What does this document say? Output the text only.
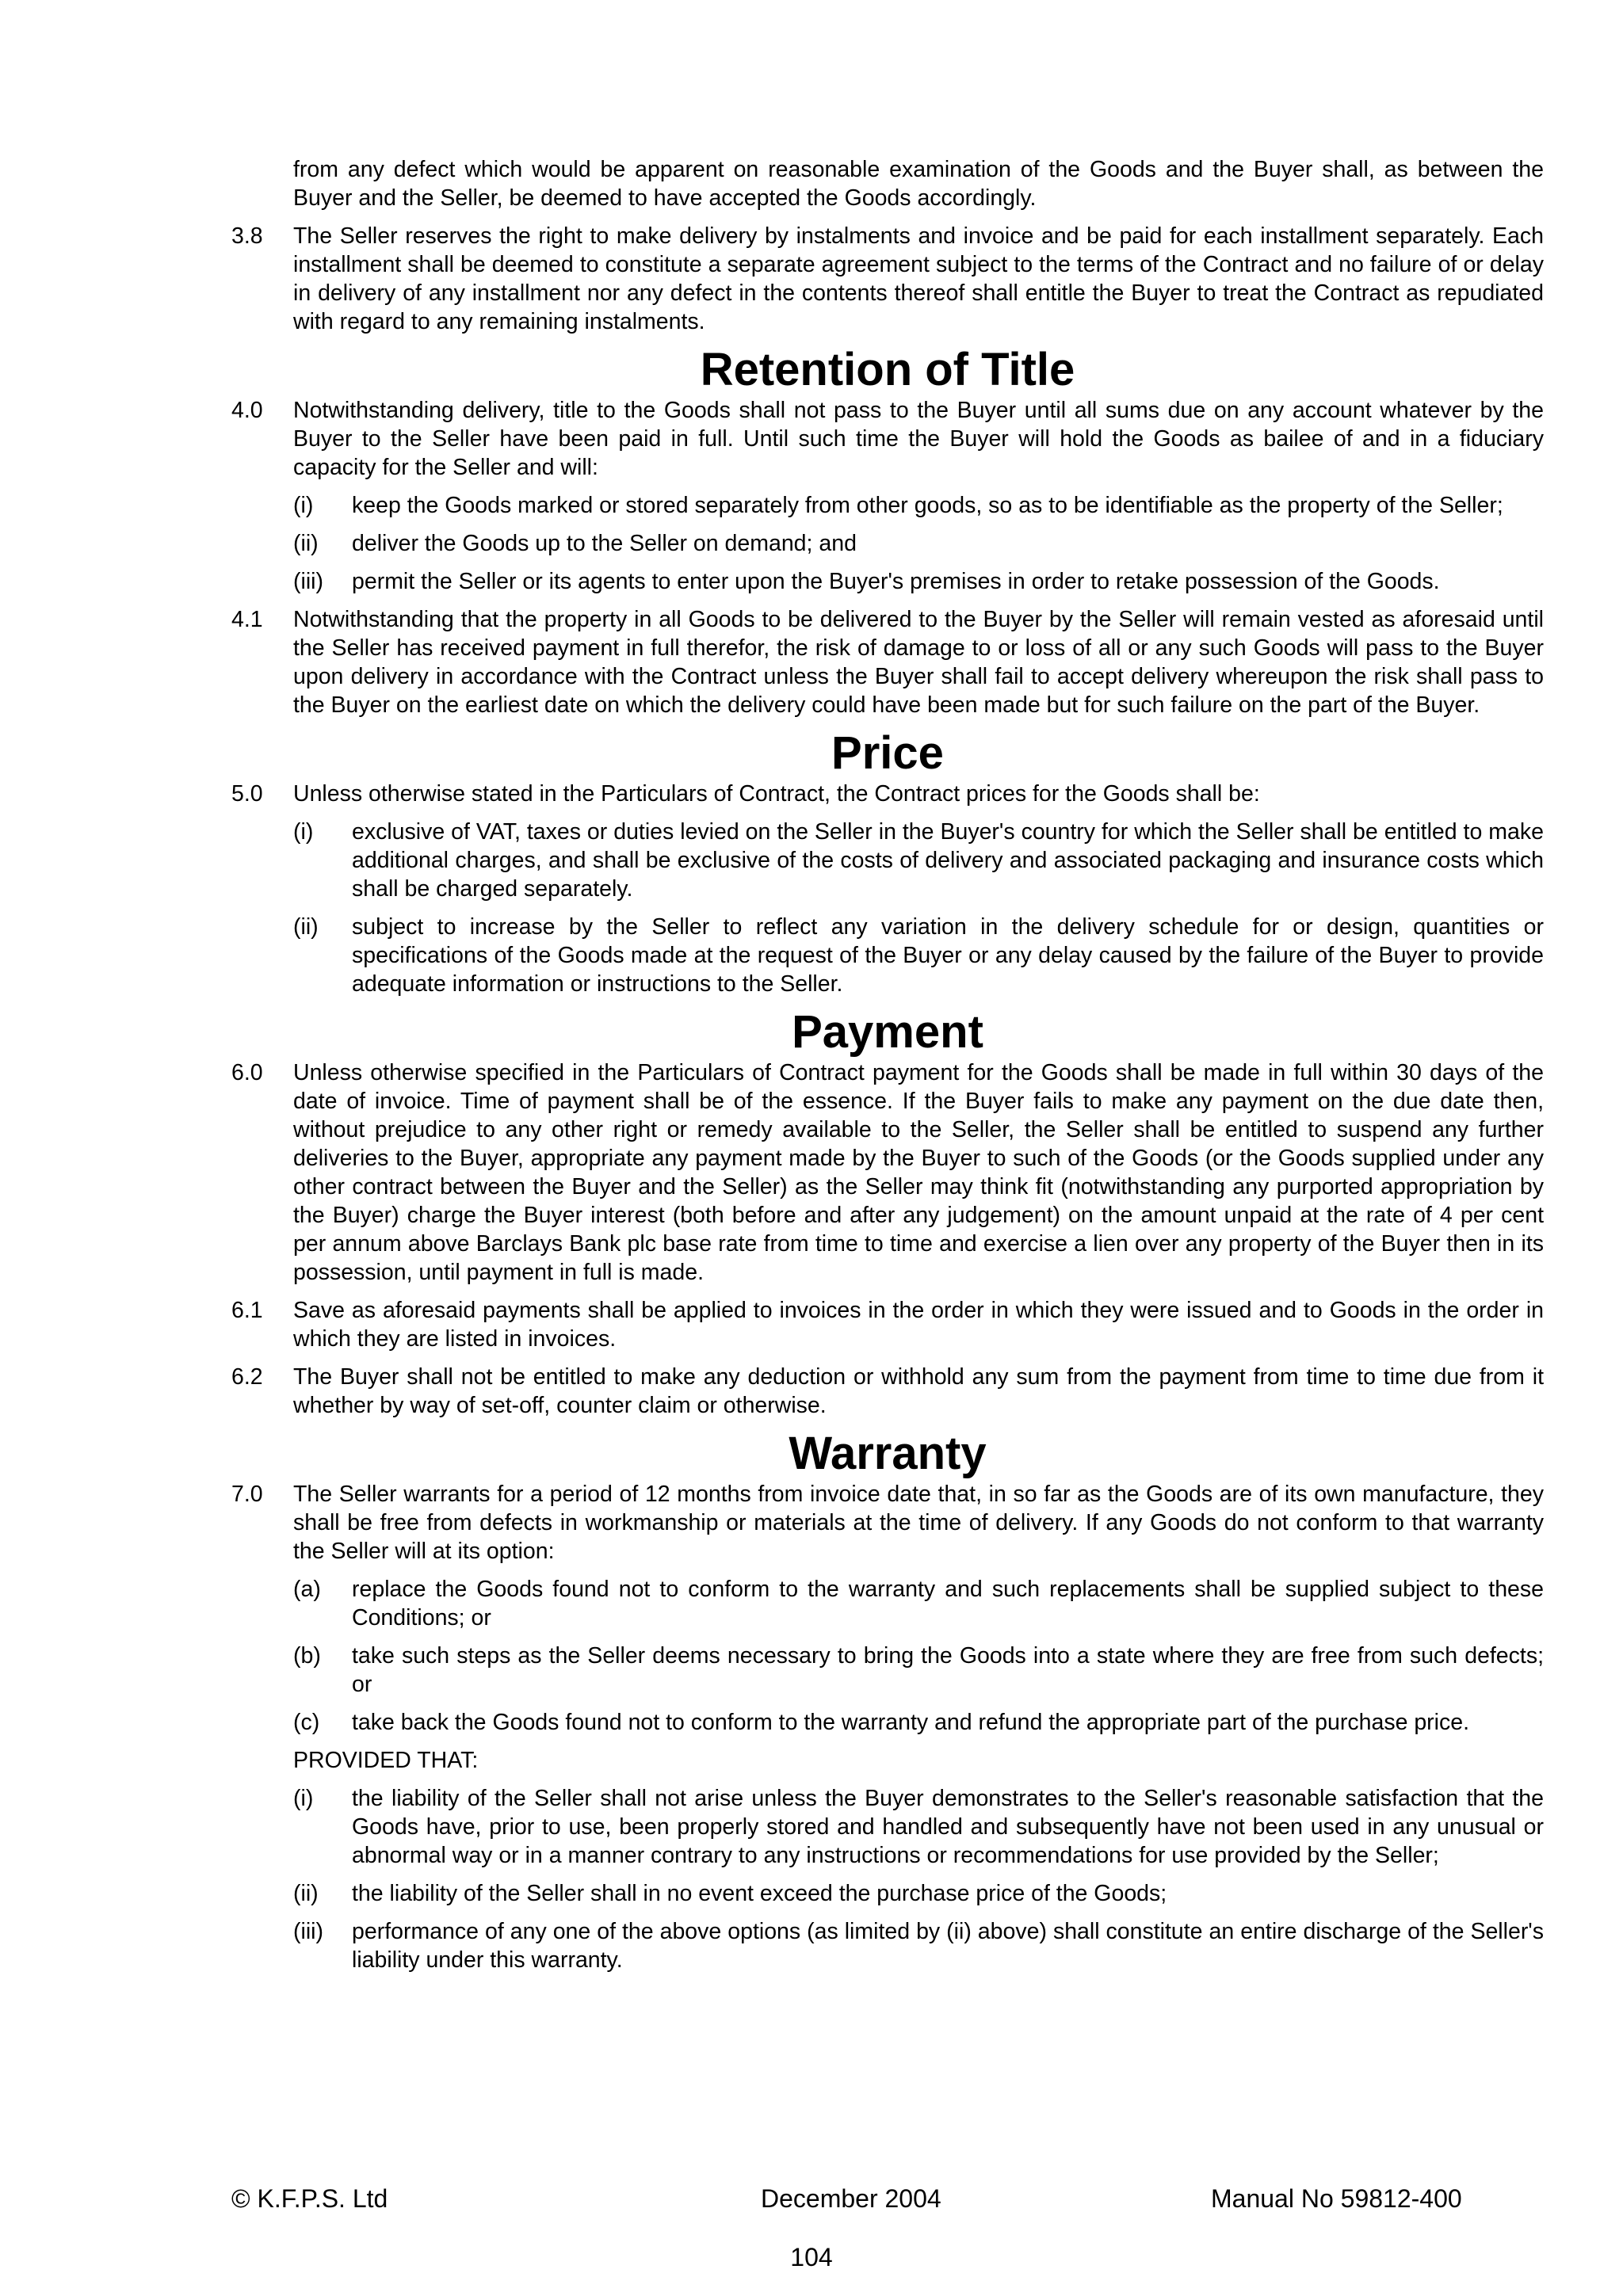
from any defect which would be apparent on reasonable examination of the Goods and the Buyer shall, as between the Buyer and the Seller, be deemed to have accepted the Goods accordingly.
3.8 The Seller reserves the right to make delivery by instalments and invoice and be paid for each installment separately. Each installment shall be deemed to constitute a separate agreement subject to the terms of the Contract and no failure of or delay in delivery of any installment nor any defect in the contents thereof shall entitle the Buyer to treat the Contract as repudiated with regard to any remaining instalments.
Retention of Title
4.0 Notwithstanding delivery, title to the Goods shall not pass to the Buyer until all sums due on any account whatever by the Buyer to the Seller have been paid in full. Until such time the Buyer will hold the Goods as bailee of and in a fiduciary capacity for the Seller and will:
(i) keep the Goods marked or stored separately from other goods, so as to be identifiable as the property of the Seller;
(ii) deliver the Goods up to the Seller on demand; and
(iii) permit the Seller or its agents to enter upon the Buyer's premises in order to retake possession of the Goods.
4.1 Notwithstanding that the property in all Goods to be delivered to the Buyer by the Seller will remain vested as aforesaid until the Seller has received payment in full therefor, the risk of damage to or loss of all or any such Goods will pass to the Buyer upon delivery in accordance with the Contract unless the Buyer shall fail to accept delivery whereupon the risk shall pass to the Buyer on the earliest date on which the delivery could have been made but for such failure on the part of the Buyer.
Price
5.0 Unless otherwise stated in the Particulars of Contract, the Contract prices for the Goods shall be:
(i) exclusive of VAT, taxes or duties levied on the Seller in the Buyer's country for which the Seller shall be entitled to make additional charges, and shall be exclusive of the costs of delivery and associated packaging and insurance costs which shall be charged separately.
(ii) subject to increase by the Seller to reflect any variation in the delivery schedule for or design, quantities or specifications of the Goods made at the request of the Buyer or any delay caused by the failure of the Buyer to provide adequate information or instructions to the Seller.
Payment
6.0 Unless otherwise specified in the Particulars of Contract payment for the Goods shall be made in full within 30 days of the date of invoice. Time of payment shall be of the essence. If the Buyer fails to make any payment on the due date then, without prejudice to any other right or remedy available to the Seller, the Seller shall be entitled to suspend any further deliveries to the Buyer, appropriate any payment made by the Buyer to such of the Goods (or the Goods supplied under any other contract between the Buyer and the Seller) as the Seller may think fit (notwithstanding any purported appropriation by the Buyer) charge the Buyer interest (both before and after any judgement) on the amount unpaid at the rate of 4 per cent per annum above Barclays Bank plc base rate from time to time and exercise a lien over any property of the Buyer then in its possession, until payment in full is made.
6.1 Save as aforesaid payments shall be applied to invoices in the order in which they were issued and to Goods in the order in which they are listed in invoices.
6.2 The Buyer shall not be entitled to make any deduction or withhold any sum from the payment from time to time due from it whether by way of set-off, counter claim or otherwise.
Warranty
7.0 The Seller warrants for a period of 12 months from invoice date that, in so far as the Goods are of its own manufacture, they shall be free from defects in workmanship or materials at the time of delivery. If any Goods do not conform to that warranty the Seller will at its option:
(a) replace the Goods found not to conform to the warranty and such replacements shall be supplied subject to these Conditions; or
(b) take such steps as the Seller deems necessary to bring the Goods into a state where they are free from such defects; or
(c) take back the Goods found not to conform to the warranty and refund the appropriate part of the purchase price.
PROVIDED THAT:
(i) the liability of the Seller shall not arise unless the Buyer demonstrates to the Seller's reasonable satisfaction that the Goods have, prior to use, been properly stored and handled and subsequently have not been used in any unusual or abnormal way or in a manner contrary to any instructions or recommendations for use provided by the Seller;
(ii) the liability of the Seller shall in no event exceed the purchase price of the Goods;
(iii) performance of any one of the above options (as limited by (ii) above) shall constitute an entire discharge of the Seller's liability under this warranty.
© K.F.P.S. Ltd	December 2004	Manual No 59812-400
104
